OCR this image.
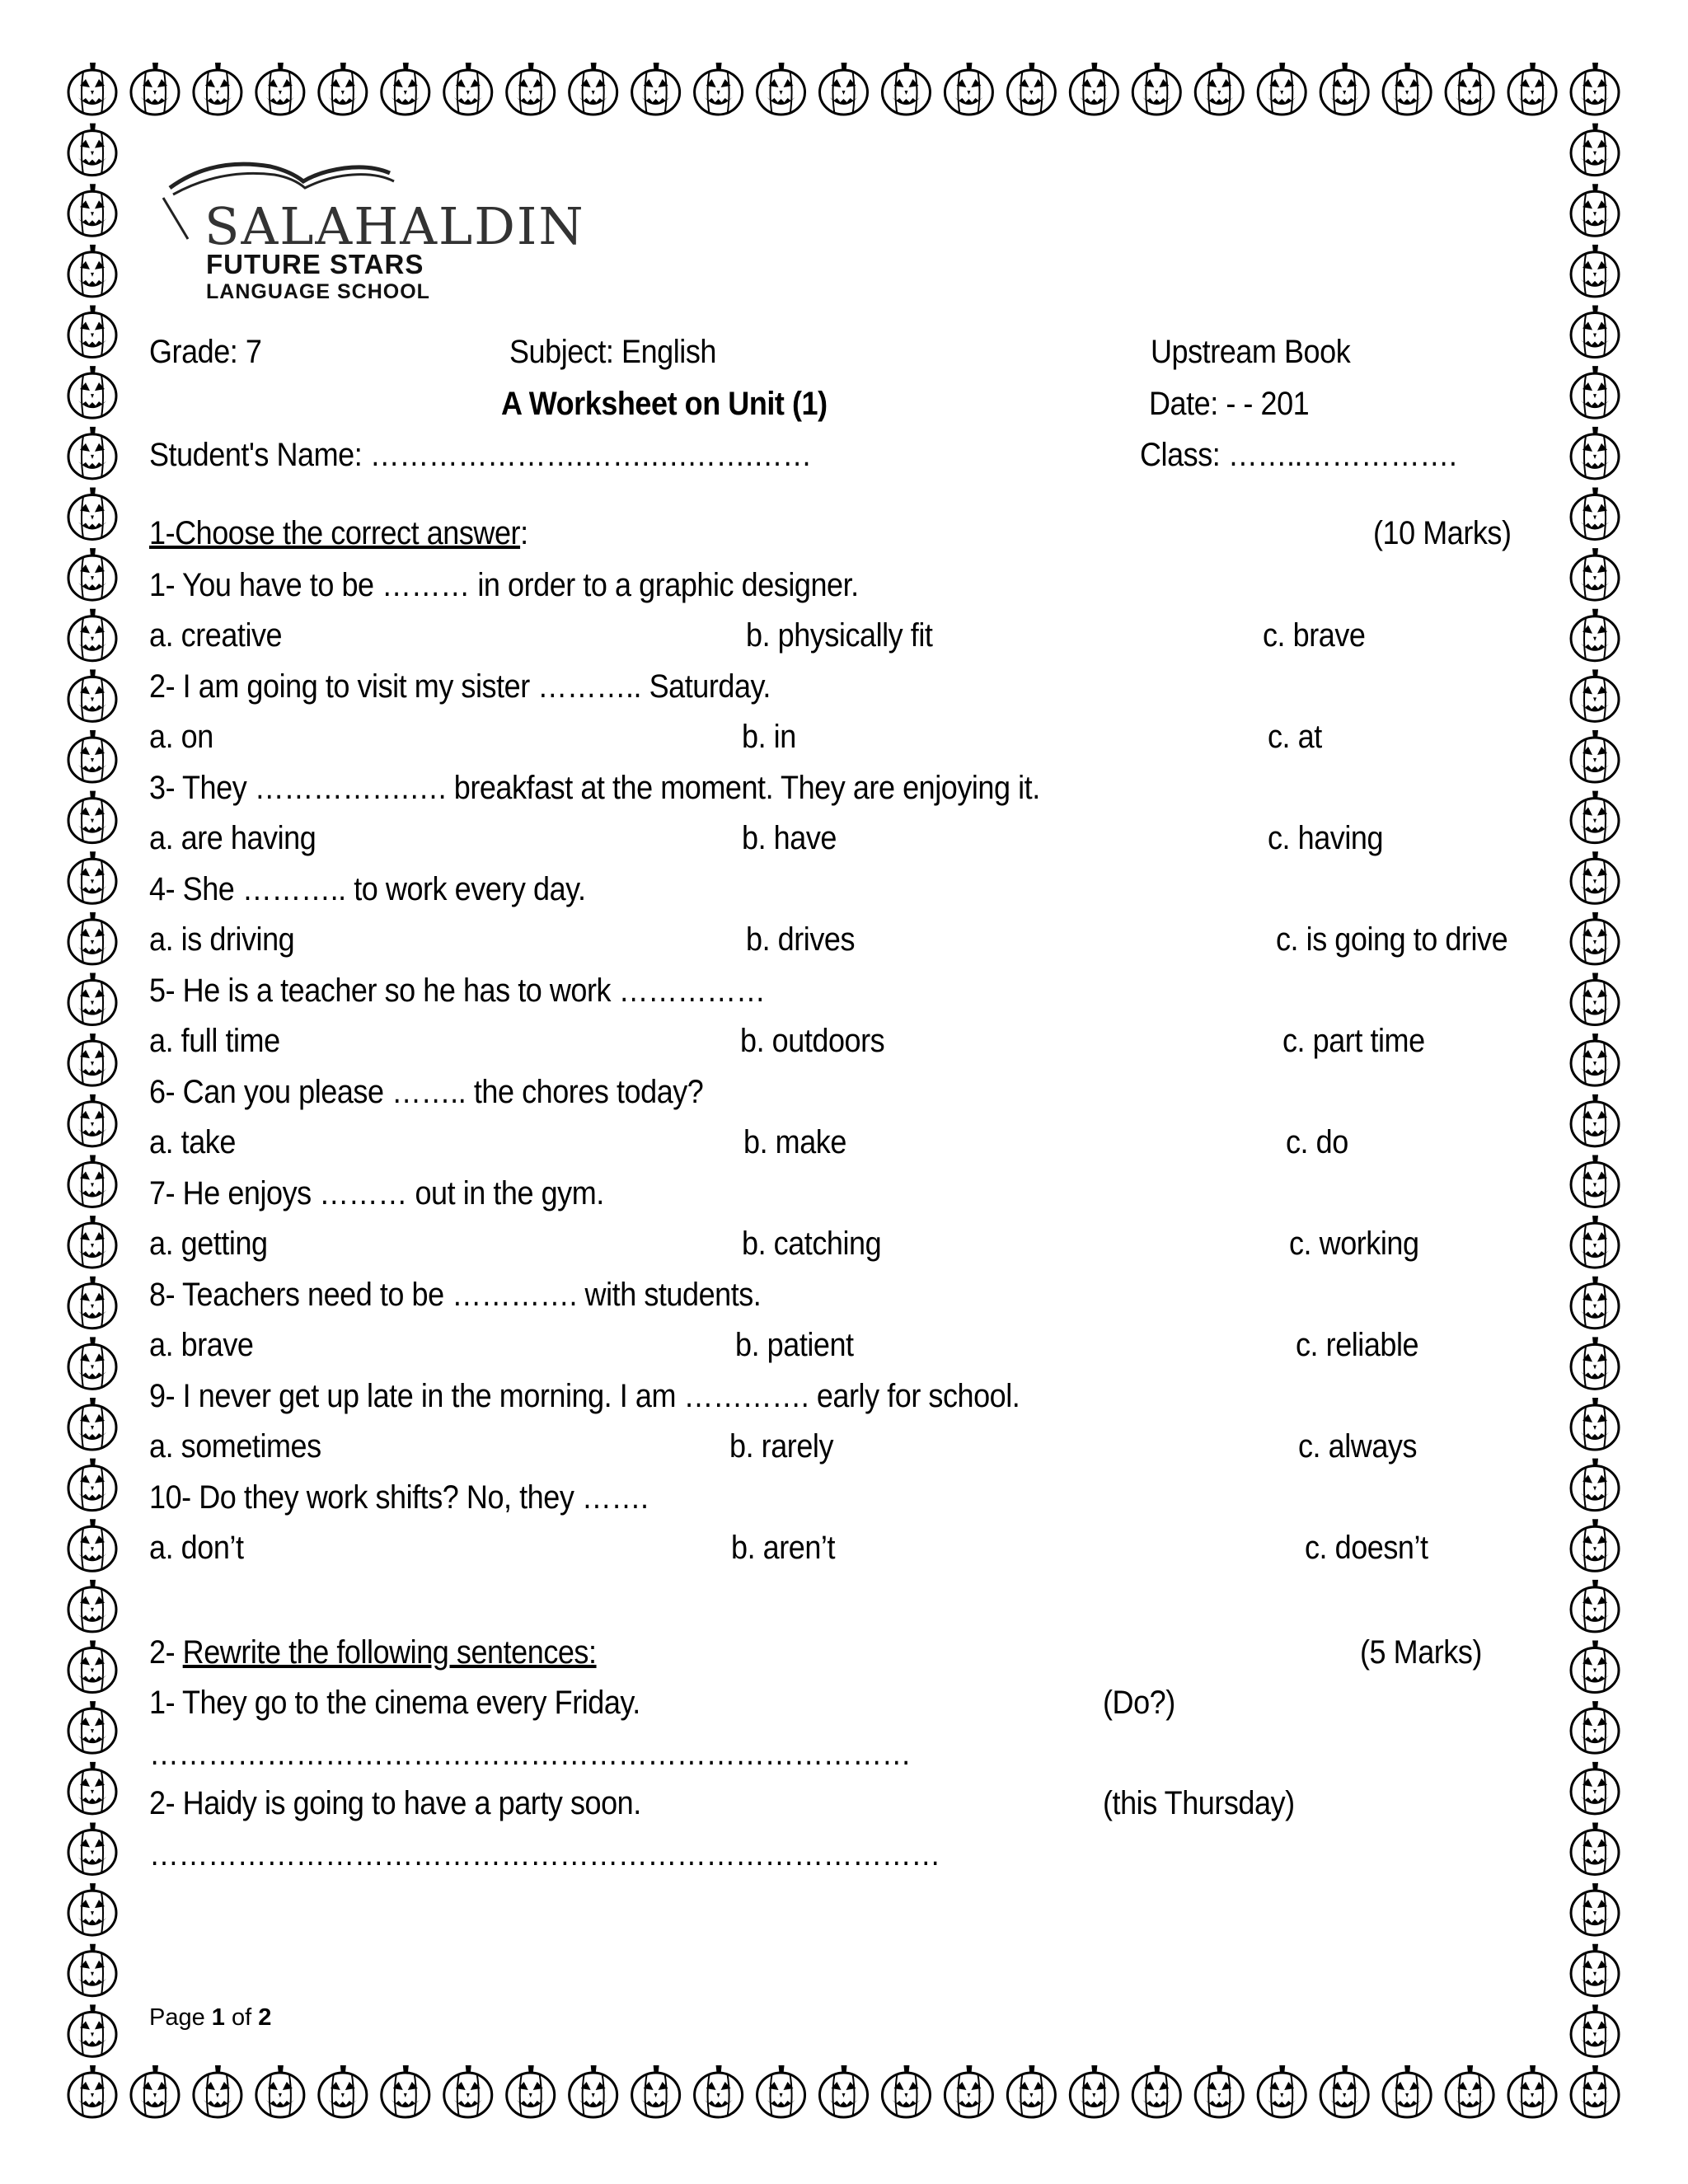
SALAHALDIN
FUTURE STARS
LANGUAGE SCHOOL
Grade: 7	Subject: English	Upstream Book
A Worksheet on Unit (1)	Date: - - 201
Student's Name: ………………….…….….…….……	Class: ……..…………….
1-Choose the correct answer:	(10 Marks)
1- You have to be ……… in order to a graphic designer.
a. creative	b. physically fit	c. brave
2- I am going to visit my sister ……….. Saturday.
a. on	b. in	c. at
3- They …………….…. breakfast at the moment. They are enjoying it.
a. are having	b. have	c. having
4- She ……….. to work every day.
a. is driving	b. drives	c. is going to drive
5- He is a teacher so he has to work ……………
a. full time	b. outdoors	c. part time
6- Can you please …….. the chores today?
a. take	b. make	c. do
7- He enjoys ……… out in the gym.
a. getting	b. catching	c. working
8- Teachers need to be …………. with students.
a. brave	b. patient	c. reliable
9- I never get up late in the morning. I am …………. early for school.
a. sometimes	b. rarely	c. always
10- Do they work shifts? No, they …….
a. don’t	b. aren’t	c. doesn’t
2- Rewrite the following sentences:	(5 Marks)
1- They go to the cinema every Friday.	(Do?)
……………………………………………………………………
2- Haidy is going to have a party soon.	(this Thursday)
………………………………………………………………………
Page 1 of 2
